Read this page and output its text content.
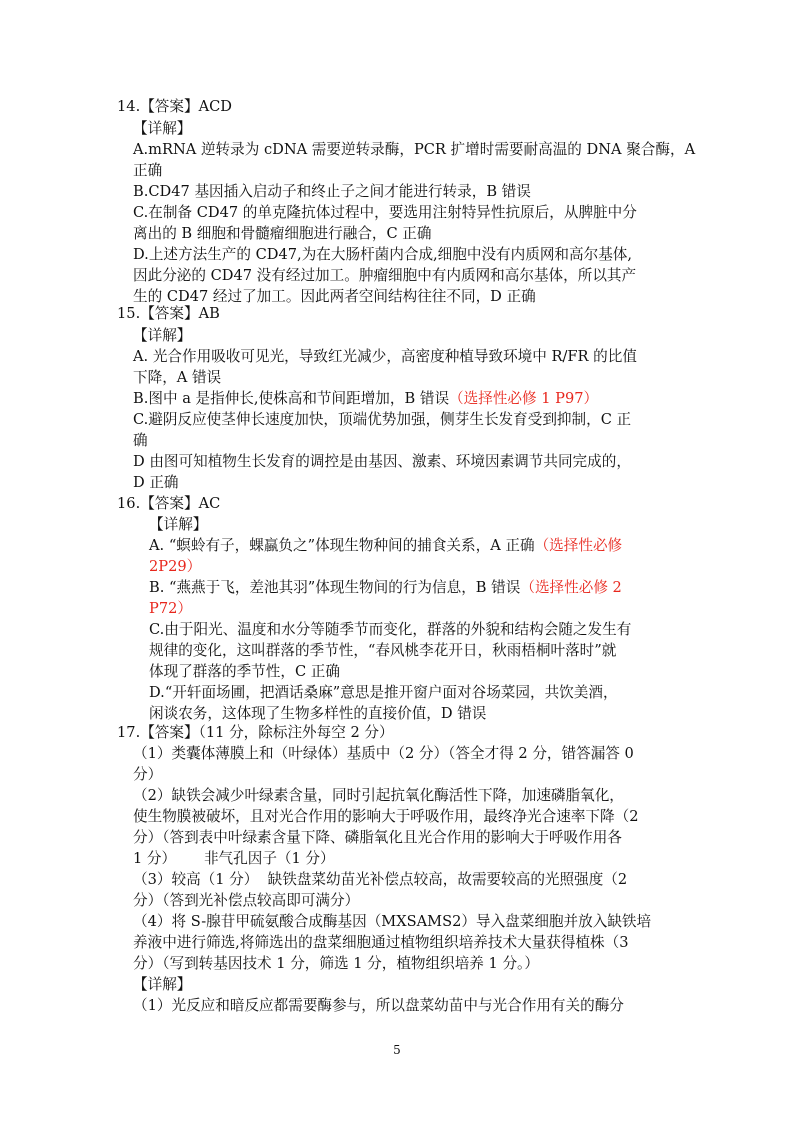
14.【答案】ACD
【详解】
A.mRNA 逆转录为 cDNA 需要逆转录酶，PCR 扩增时需要耐高温的 DNA 聚合酶，A
正确
B.CD47 基因插入启动子和终止子之间才能进行转录，B 错误
C.在制备 CD47 的单克隆抗体过程中，要选用注射特异性抗原后，从脾脏中分
离出的 B 细胞和骨髓瘤细胞进行融合，C 正确
D.上述方法生产的 CD47,为在大肠杆菌内合成,细胞中没有内质网和高尔基体,
因此分泌的 CD47 没有经过加工。肿瘤细胞中有内质网和高尔基体，所以其产
生的 CD47 经过了加工。因此两者空间结构往往不同，D 正确
15.【答案】AB
【详解】
A. 光合作用吸收可见光，导致红光减少，高密度种植导致环境中 R/FR 的比值
下降，A 错误
B.图中 a 是指伸长,使株高和节间距增加，B 错误（选择性必修 1 P97）
C.避阴反应使茎伸长速度加快，顶端优势加强，侧芽生长发育受到抑制，C 正
确
D 由图可知植物生长发育的调控是由基因、激素、环境因素调节共同完成的，
D 正确
16.【答案】AC
【详解】
A. “螟蛉有子，蜾蠃负之”体现生物种间的捕食关系，A 正确（选择性必修
2P29）
B. “燕燕于飞，差池其羽”体现生物间的行为信息，B 错误（选择性必修 2
P72）
C.由于阳光、温度和水分等随季节而变化，群落的外貌和结构会随之发生有
规律的变化，这叫群落的季节性，“春风桃李花开日，秋雨梧桐叶落时”就
体现了群落的季节性，C 正确
D.“开轩面场圃，把酒话桑麻”意思是推开窗户面对谷场菜园，共饮美酒，
闲谈农务，这体现了生物多样性的直接价值，D 错误
17.【答案】（11 分，除标注外每空 2 分）
（1）类囊体薄膜上和（叶绿体）基质中（2 分）（答全才得 2 分，错答漏答 0
分）
（2）缺铁会减少叶绿素含量，同时引起抗氧化酶活性下降，加速磷脂氧化，
使生物膜被破坏，且对光合作用的影响大于呼吸作用，最终净光合速率下降（2
分）（答到表中叶绿素含量下降、磷脂氧化且光合作用的影响大于呼吸作用各
1 分）      非气孔因子（1 分）
（3）较高（1 分）  缺铁盘菜幼苗光补偿点较高，故需要较高的光照强度（2
分）（答到光补偿点较高即可满分）
（4）将 S-腺苷甲硫氨酸合成酶基因（MXSAMS2）导入盘菜细胞并放入缺铁培
养液中进行筛选,将筛选出的盘菜细胞通过植物组织培养技术大量获得植株（3
分）（写到转基因技术 1 分，筛选 1 分，植物组织培养 1 分。）
【详解】
（1）光反应和暗反应都需要酶参与，所以盘菜幼苗中与光合作用有关的酶分
5
